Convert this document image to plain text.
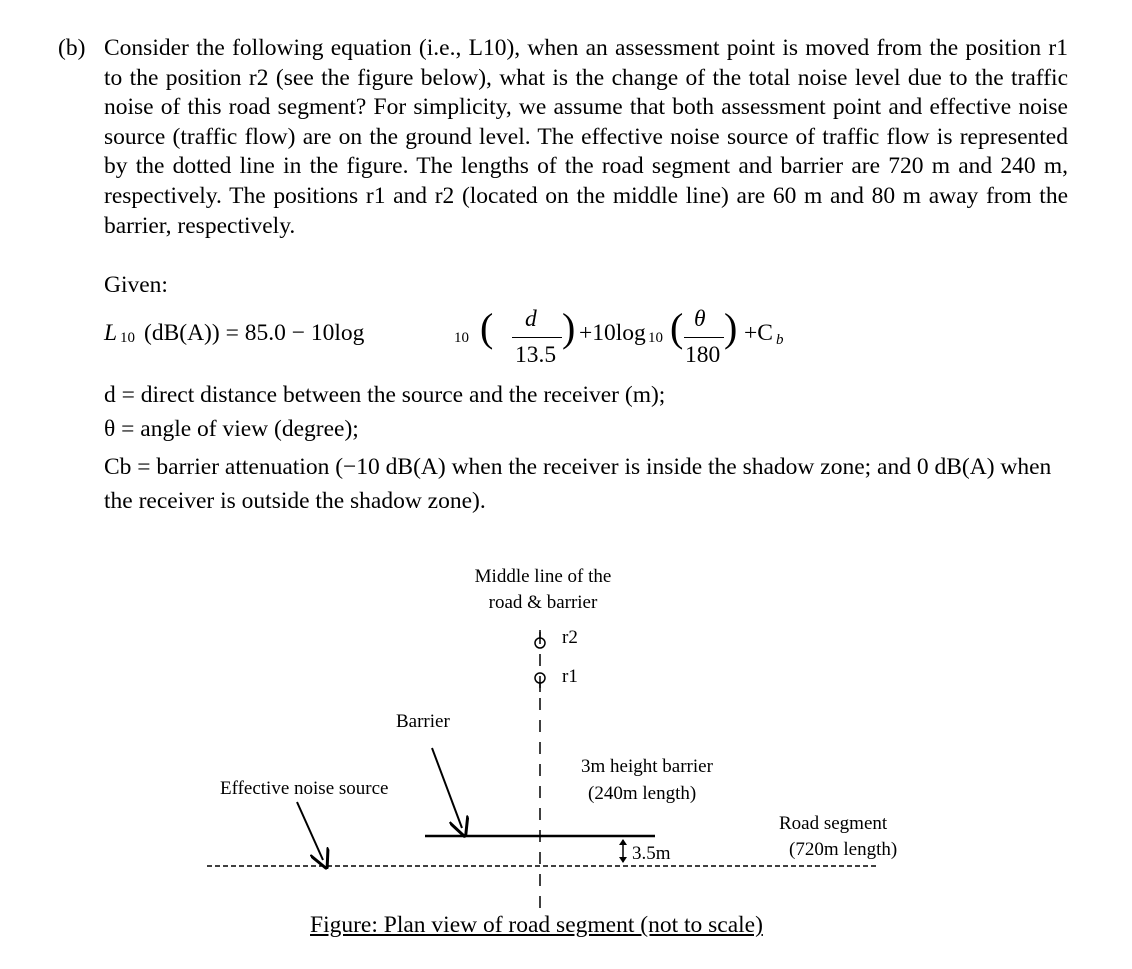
(b) Consider the following equation (i.e., L10), when an assessment point is moved from the position r1 to the position r2 (see the figure below), what is the change of the total noise level due to the traffic noise of this road segment? For simplicity, we assume that both assessment point and effective noise source (traffic flow) are on the ground level. The effective noise source of traffic flow is represented by the dotted line in the figure. The lengths of the road segment and barrier are 720 m and 240 m, respectively. The positions r1 and r2 (located on the middle line) are 60 m and 80 m away from the barrier, respectively.
Given:
L 10 (dB(A)) = 85.0 − 10log	10 ( d
13.5
) +10log 10 ( θ
180
) +C b

d = direct distance between the source and the receiver (m);

θ = angle of view (degree);

Cb = barrier attenuation (−10 dB(A) when the receiver is inside the shadow zone; and 0 dB(A) when the receiver is outside the shadow zone).

Middle line of the
road & barrier
r2
r1
Barrier
Effective noise source
3m height barrier
(240m length)
Road segment
(720m length)
3.5m
Figure: Plan view of road segment (not to scale)
